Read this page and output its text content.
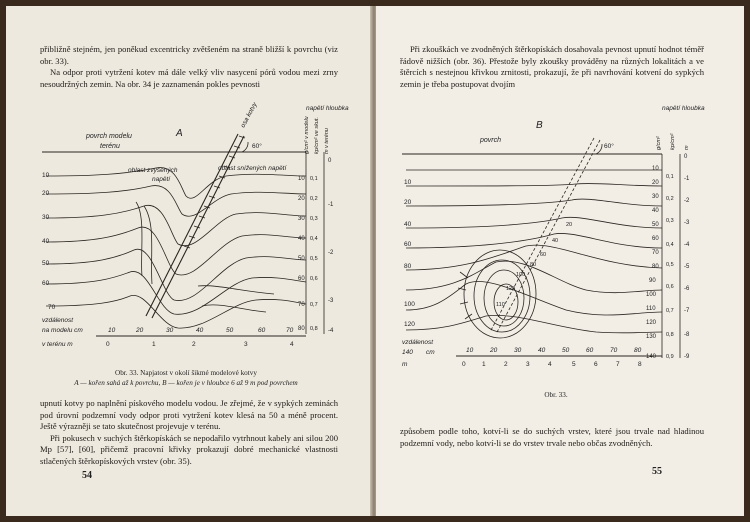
přibližně stejném, jen poněkud excentricky zvětšeném na straně bližší k povrchu (viz obr. 33).

Na odpor proti vytržení kotev má dále velký vliv nasycení pórů vodou mezi zrny nesoudržných zemin. Na obr. 34 je zaznamenán pokles pevnosti

A
povrch modelu
terénu
napětí hloubka
g/cm² v modelu kp/cm² ve skut. m v terénu
osa kotvy
60°
oblast zvýšených
napětí
oblast snížených napětí
10
20
30
40
50
60
70
10
20
30
40
50
60
70
80
0,1
0,2
0,3
0,4
0,5
0,6
0,7
0,8
0
-1
-2
-3
-4
vzdálenost
na modelu cm
v terénu m
10	20	30	40	50	60	70
0	1	2	3	4
Obr. 33. Napjatost v okolí šikmé modelové kotvy
A — kořen sahá až k povrchu, B — kořen je v hloubce 6 až 9 m pod povrchem

upnutí kotvy po naplnění pískového modelu vodou. Je zřejmé, že v sypkých zeminách pod úrovní podzemní vody odpor proti vytržení kotev klesá na 50 a méně procent. Ještě výrazněji se tato skutečnost projevuje v terénu.

Při pokusech v suchých štěrkopískách se nepodařilo vytrhnout kabely ani silou 200 Mp [57], [60], přičemž pracovní křivky prokazují dobré mechanické vlastnosti stlačených štěrkopískových vrstev (obr. 35).

54

Při zkouškách ve zvodněných štěrkopískách dosahovala pevnost upnutí hodnot téměř řádově nižších (obr. 36). Přestože byly zkoušky prováděny na různých lokalitách a ve štěrcích s nestejnou křivkou zrnitosti, prokazují, že při navrhování kotvení do sypkých zemin je třeba postupovat dvojím

B
povrch
napětí hloubka
g/cm² kp/cm² m
60°
120
110
100
80
60
40
20
10
20
40
60
80
100
120
10
20
30
40
50
60
70
80
90
100
110
120
130
140
0,1
0,2
0,3
0,4
0,5
0,6
0,7
0,8
0,9
0
-1
-2
-3
-4
-5
-6
-7
-8
-9
vzdálenost
140 cm
m
10	20	30	40	50	60	70	80
0	1	2	3	4	5	6	7	8
Obr. 33.

způsobem podle toho, kotví-li se do suchých vrstev, které jsou trvale nad hladinou podzemní vody, nebo kotví-li se do vrstev trvale nebo občas zvodněných.

55
